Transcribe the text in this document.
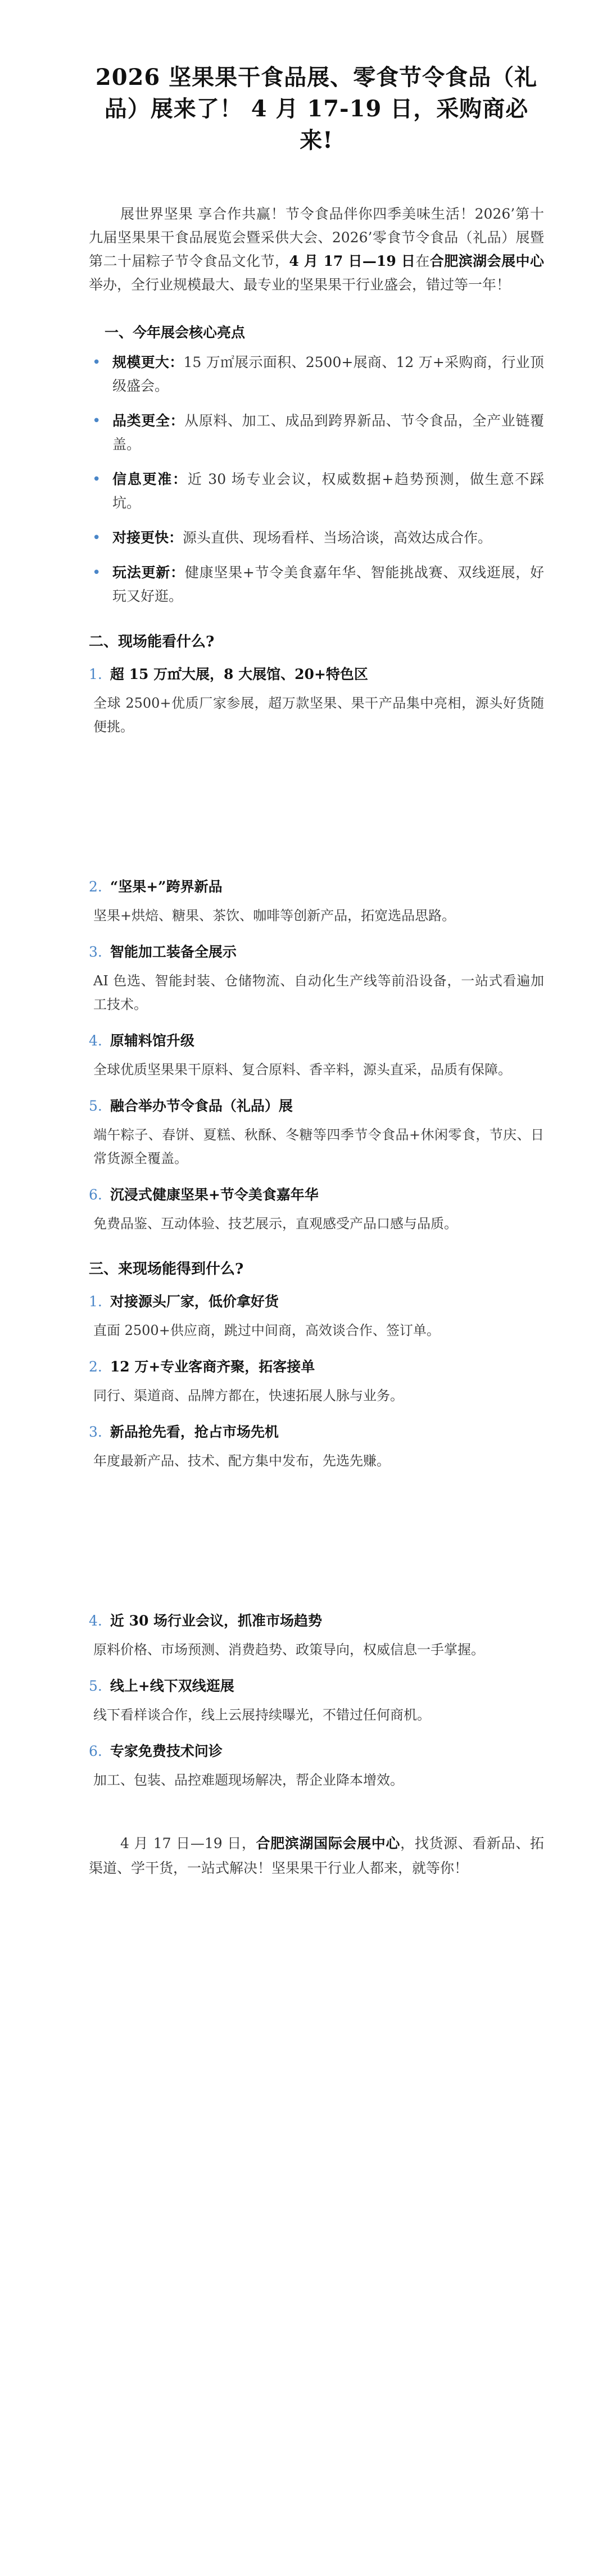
2026 坚果果干食品展、零食节令食品（礼品）展来了！ 4 月 17-19 日，采购商必来!

展世界坚果 享合作共赢！节令食品伴你四季美味生活！2026’第十九届坚果果干食品展览会暨采供大会、2026’零食节令食品（礼品）展暨第二十届粽子节令食品文化节，4 月 17 日—19 日在合肥滨湖会展中心举办，全行业规模最大、最专业的坚果果干行业盛会，错过等一年！

一、今年展会核心亮点
• 规模更大：15 万㎡展示面积、2500+展商、12 万+采购商，行业顶级盛会。
• 品类更全：从原料、加工、成品到跨界新品、节令食品，全产业链覆盖。
• 信息更准：近 30 场专业会议，权威数据+趋势预测，做生意不踩坑。
• 对接更快：源头直供、现场看样、当场洽谈，高效达成合作。
• 玩法更新：健康坚果+节令美食嘉年华、智能挑战赛、双线逛展，好玩又好逛。
二、现场能看什么?

1. 超 15 万㎡大展，8 大展馆、20+特色区

全球 2500+优质厂家参展，超万款坚果、果干产品集中亮相，源头好货随便挑。

2. “坚果+”跨界新品

坚果+烘焙、糖果、茶饮、咖啡等创新产品，拓宽选品思路。

3. 智能加工装备全展示

AI 色选、智能封装、仓储物流、自动化生产线等前沿设备，一站式看遍加工技术。

4. 原辅料馆升级

全球优质坚果果干原料、复合原料、香辛料，源头直采，品质有保障。

5. 融合举办节令食品（礼品）展

端午粽子、春饼、夏糕、秋酥、冬糖等四季节令食品+休闲零食，节庆、日常货源全覆盖。

6. 沉浸式健康坚果+节令美食嘉年华

免费品鉴、互动体验、技艺展示，直观感受产品口感与品质。

三、来现场能得到什么?

1. 对接源头厂家，低价拿好货

直面 2500+供应商，跳过中间商，高效谈合作、签订单。

2. 12 万+专业客商齐聚，拓客接单

同行、渠道商、品牌方都在，快速拓展人脉与业务。

3. 新品抢先看，抢占市场先机

年度最新产品、技术、配方集中发布，先选先赚。

4. 近 30 场行业会议，抓准市场趋势

原料价格、市场预测、消费趋势、政策导向，权威信息一手掌握。

5. 线上+线下双线逛展

线下看样谈合作，线上云展持续曝光，不错过任何商机。

6. 专家免费技术问诊

加工、包装、品控难题现场解决，帮企业降本增效。

4 月 17 日—19 日，合肥滨湖国际会展中心，找货源、看新品、拓渠道、学干货，一站式解决！坚果果干行业人都来，就等你！
